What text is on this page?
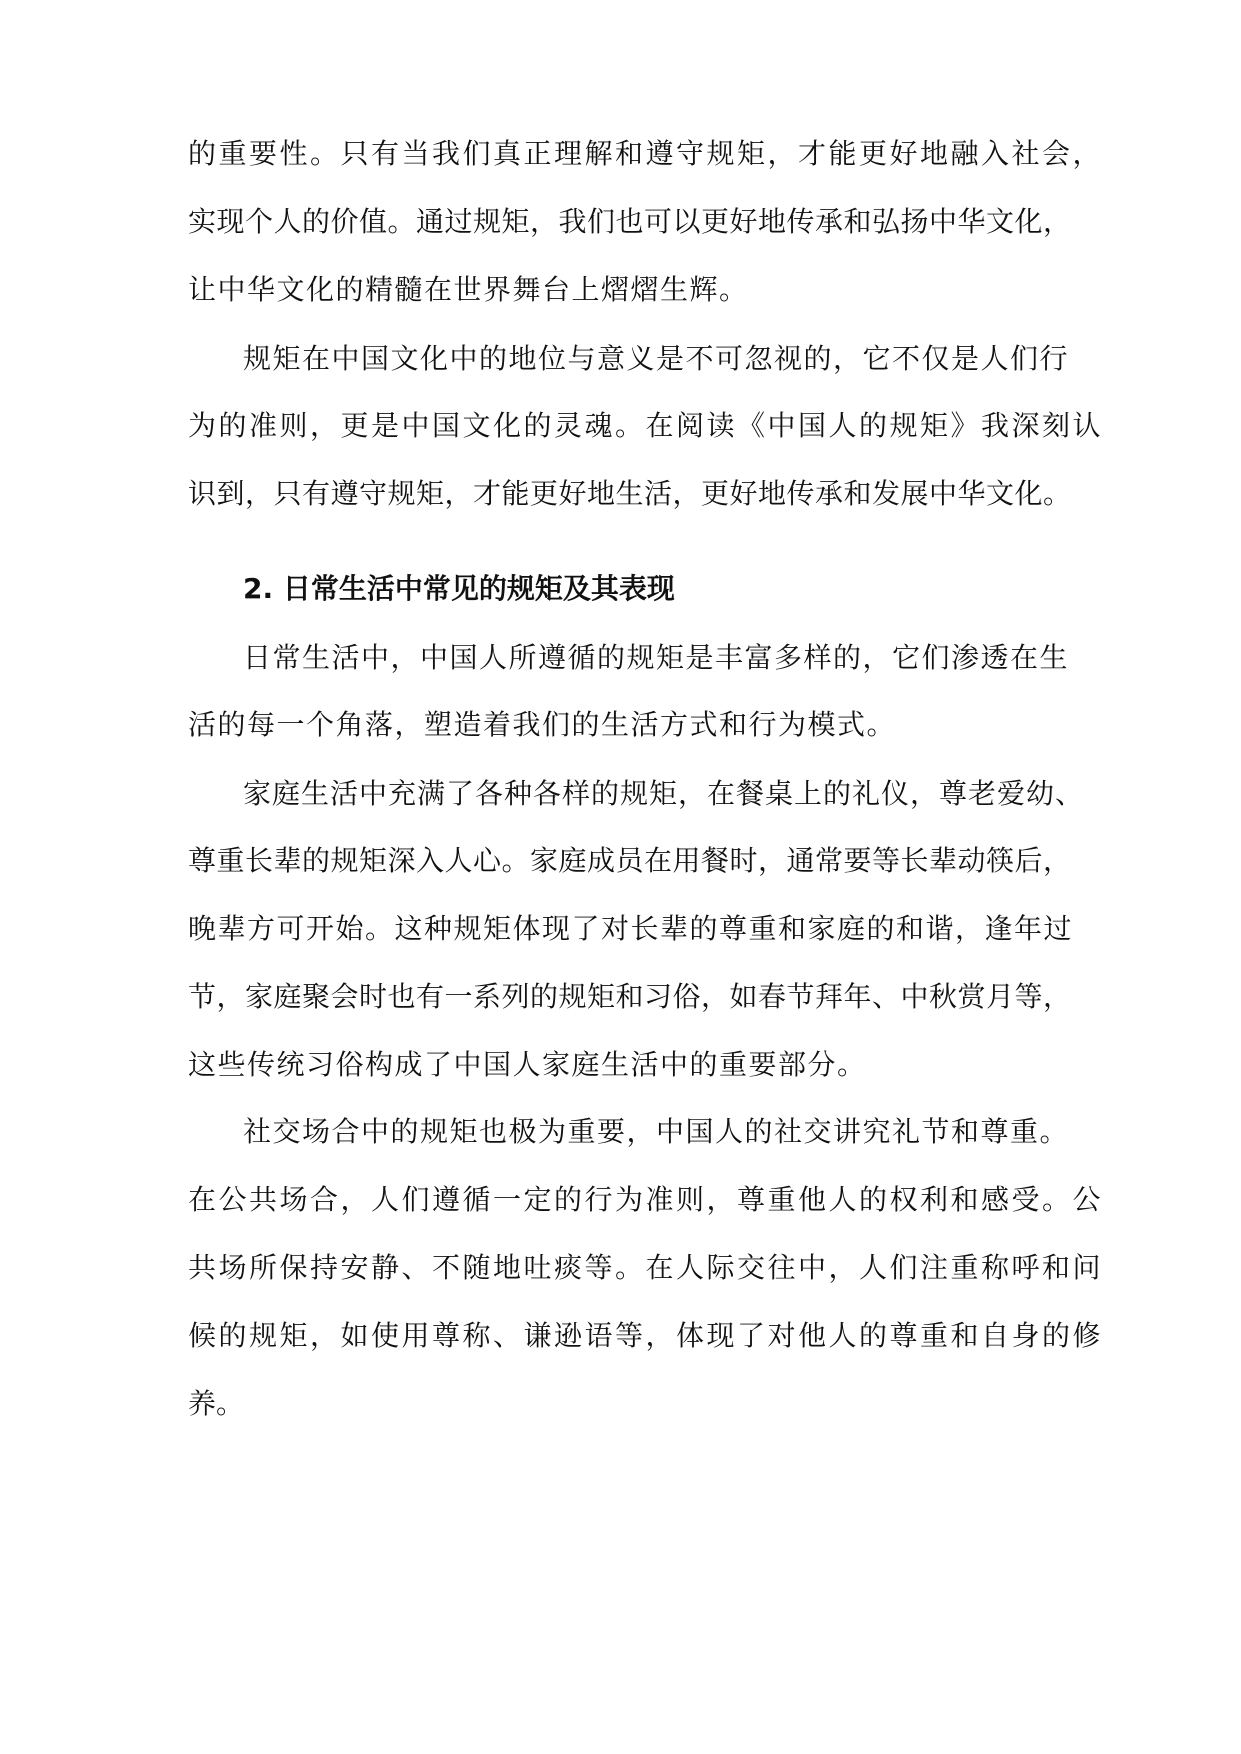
的重要性。只有当我们真正理解和遵守规矩，才能更好地融入社会，
实现个人的价值。通过规矩，我们也可以更好地传承和弘扬中华文化，
让中华文化的精髓在世界舞台上熠熠生辉。
规矩在中国文化中的地位与意义是不可忽视的，它不仅是人们行
为的准则，更是中国文化的灵魂。在阅读《中国人的规矩》我深刻认
识到，只有遵守规矩，才能更好地生活，更好地传承和发展中华文化。
2. 日常生活中常见的规矩及其表现
日常生活中，中国人所遵循的规矩是丰富多样的，它们渗透在生
活的每一个角落，塑造着我们的生活方式和行为模式。
家庭生活中充满了各种各样的规矩，在餐桌上的礼仪，尊老爱幼、
尊重长辈的规矩深入人心。家庭成员在用餐时，通常要等长辈动筷后，
晚辈方可开始。这种规矩体现了对长辈的尊重和家庭的和谐，逢年过
节，家庭聚会时也有一系列的规矩和习俗，如春节拜年、中秋赏月等，
这些传统习俗构成了中国人家庭生活中的重要部分。
社交场合中的规矩也极为重要，中国人的社交讲究礼节和尊重。
在公共场合，人们遵循一定的行为准则，尊重他人的权利和感受。公
共场所保持安静、不随地吐痰等。在人际交往中，人们注重称呼和问
候的规矩，如使用尊称、谦逊语等，体现了对他人的尊重和自身的修
养。
